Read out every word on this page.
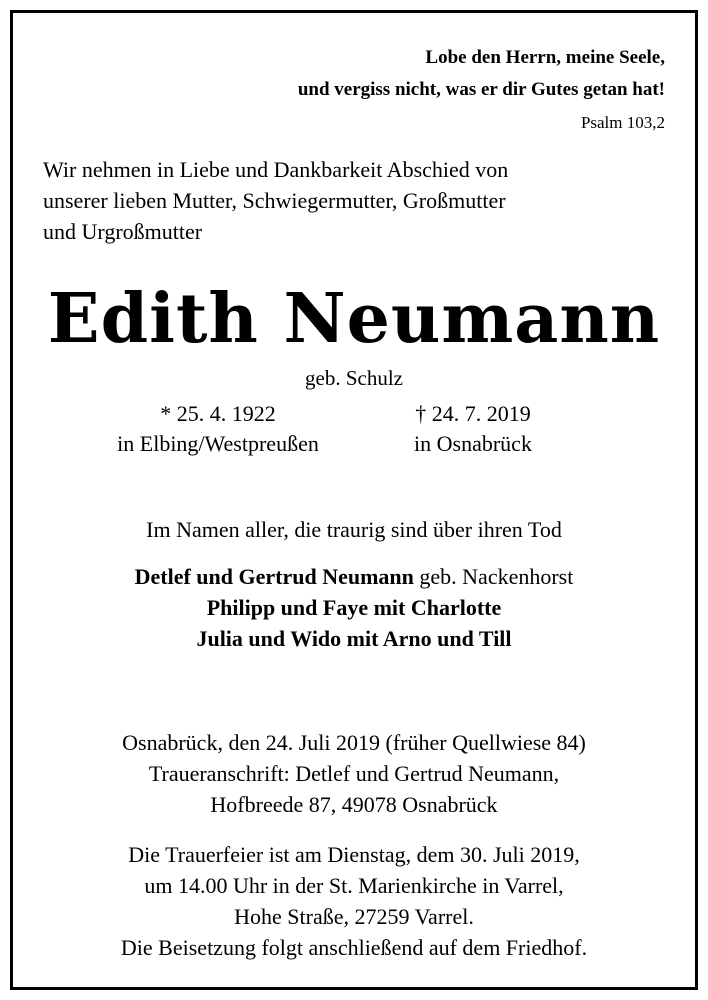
Lobe den Herrn, meine Seele,

und vergiss nicht, was er dir Gutes getan hat!

Psalm 103,2

Wir nehmen in Liebe und Dankbarkeit Abschied von
unserer lieben Mutter, Schwiegermutter, Großmutter
und Urgroßmutter

Edith Neumann

geb. Schulz

* 25. 4. 1922
in Elbing/Westpreußen
† 24. 7. 2019
in Osnabrück

Im Namen aller, die traurig sind über ihren Tod

Detlef und Gertrud Neumann geb. Nackenhorst

Philipp und Faye mit Charlotte

Julia und Wido mit Arno und Till

Osnabrück, den 24. Juli 2019 (früher Quellwiese 84)

Traueranschrift: Detlef und Gertrud Neumann,

Hofbreede 87, 49078 Osnabrück

Die Trauerfeier ist am Dienstag, dem 30. Juli 2019,

um 14.00 Uhr in der St. Marienkirche in Varrel,

Hohe Straße, 27259 Varrel.

Die Beisetzung folgt anschließend auf dem Friedhof.
